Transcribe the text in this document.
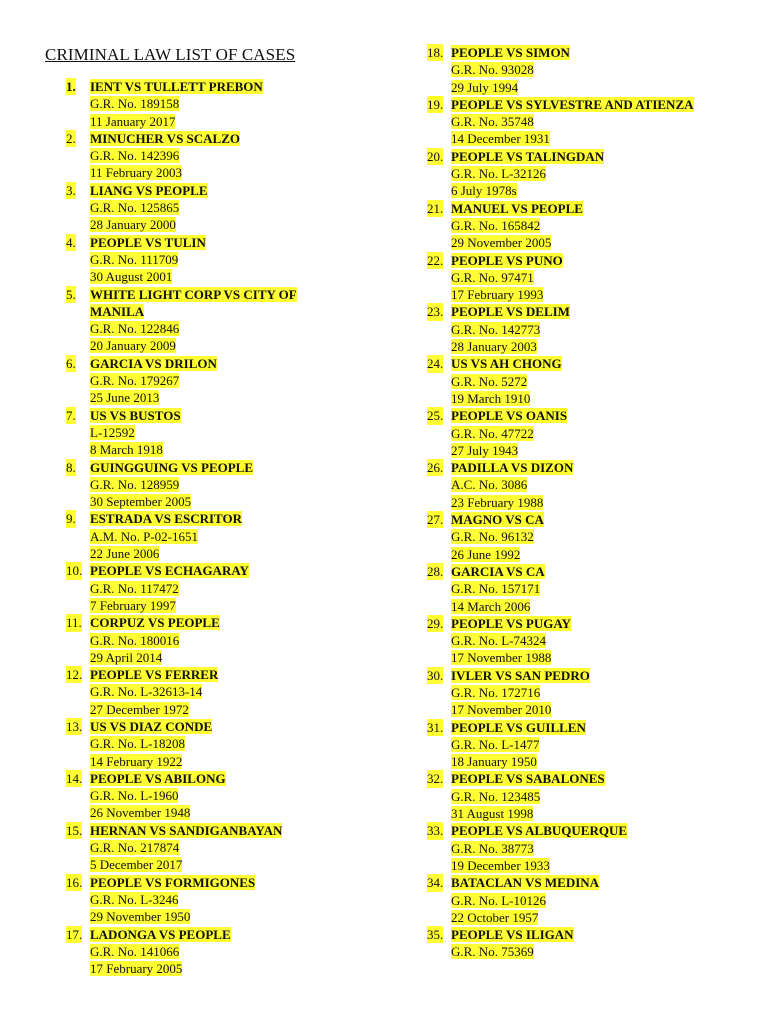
CRIMINAL LAW LIST OF CASES
1. IENT VS TULLETT PREBON
G.R. No. 189158
11 January 2017
2. MINUCHER VS SCALZO
G.R. No. 142396
11 February 2003
3. LIANG VS PEOPLE
G.R. No. 125865
28 January 2000
4. PEOPLE VS TULIN
G.R. No. 111709
30 August 2001
5. WHITE LIGHT CORP VS CITY OF
MANILA
G.R. No. 122846
20 January 2009
6. GARCIA VS DRILON
G.R. No. 179267
25 June 2013
7. US VS BUSTOS
L-12592
8 March 1918
8. GUINGGUING VS PEOPLE
G.R. No. 128959
30 September 2005
9. ESTRADA VS ESCRITOR
A.M. No. P-02-1651
22 June 2006
10. PEOPLE VS ECHAGARAY
G.R. No. 117472
7 February 1997
11. CORPUZ VS PEOPLE
G.R. No. 180016
29 April 2014
12. PEOPLE VS FERRER
G.R. No. L-32613-14
27 December 1972
13. US VS DIAZ CONDE
G.R. No. L-18208
14 February 1922
14. PEOPLE VS ABILONG
G.R. No. L-1960
26 November 1948
15. HERNAN VS SANDIGANBAYAN
G.R. No. 217874
5 December 2017
16. PEOPLE VS FORMIGONES
G.R. No. L-3246
29 November 1950
17. LADONGA VS PEOPLE
G.R. No. 141066
17 February 2005
18. PEOPLE VS SIMON
G.R. No. 93028
29 July 1994
19. PEOPLE VS SYLVESTRE AND ATIENZA
G.R. No. 35748
14 December 1931
20. PEOPLE VS TALINGDAN
G.R. No. L-32126
6 July 1978s
21. MANUEL VS PEOPLE
G.R. No. 165842
29 November 2005
22. PEOPLE VS PUNO
G.R. No. 97471
17 February 1993
23. PEOPLE VS DELIM
G.R. No. 142773
28 January 2003
24. US VS AH CHONG
G.R. No. 5272
19 March 1910
25. PEOPLE VS OANIS
G.R. No. 47722
27 July 1943
26. PADILLA VS DIZON
A.C. No. 3086
23 February 1988
27. MAGNO VS CA
G.R. No. 96132
26 June 1992
28. GARCIA VS CA
G.R. No. 157171
14 March 2006
29. PEOPLE VS PUGAY
G.R. No. L-74324
17 November 1988
30. IVLER VS SAN PEDRO
G.R. No. 172716
17 November 2010
31. PEOPLE VS GUILLEN
G.R. No. L-1477
18 January 1950
32. PEOPLE VS SABALONES
G.R. No. 123485
31 August 1998
33. PEOPLE VS ALBUQUERQUE
G.R. No. 38773
19 December 1933
34. BATACLAN VS MEDINA
G.R. No. L-10126
22 October 1957
35. PEOPLE VS ILIGAN
G.R. No. 75369
